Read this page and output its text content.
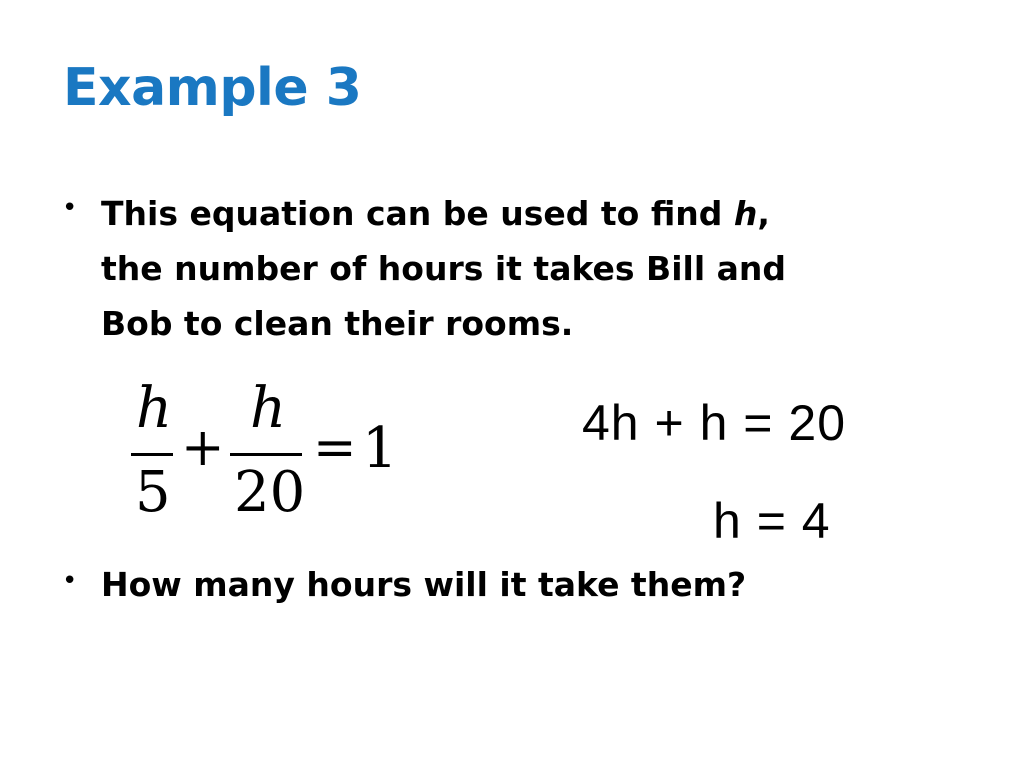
Example 3
• This equation can be used to find h,
the number of hours it takes Bill and
Bob to clean their rooms.
h
5
+
h
20
= 1	4h + h = 20
h = 4
• How many hours will it take them?
